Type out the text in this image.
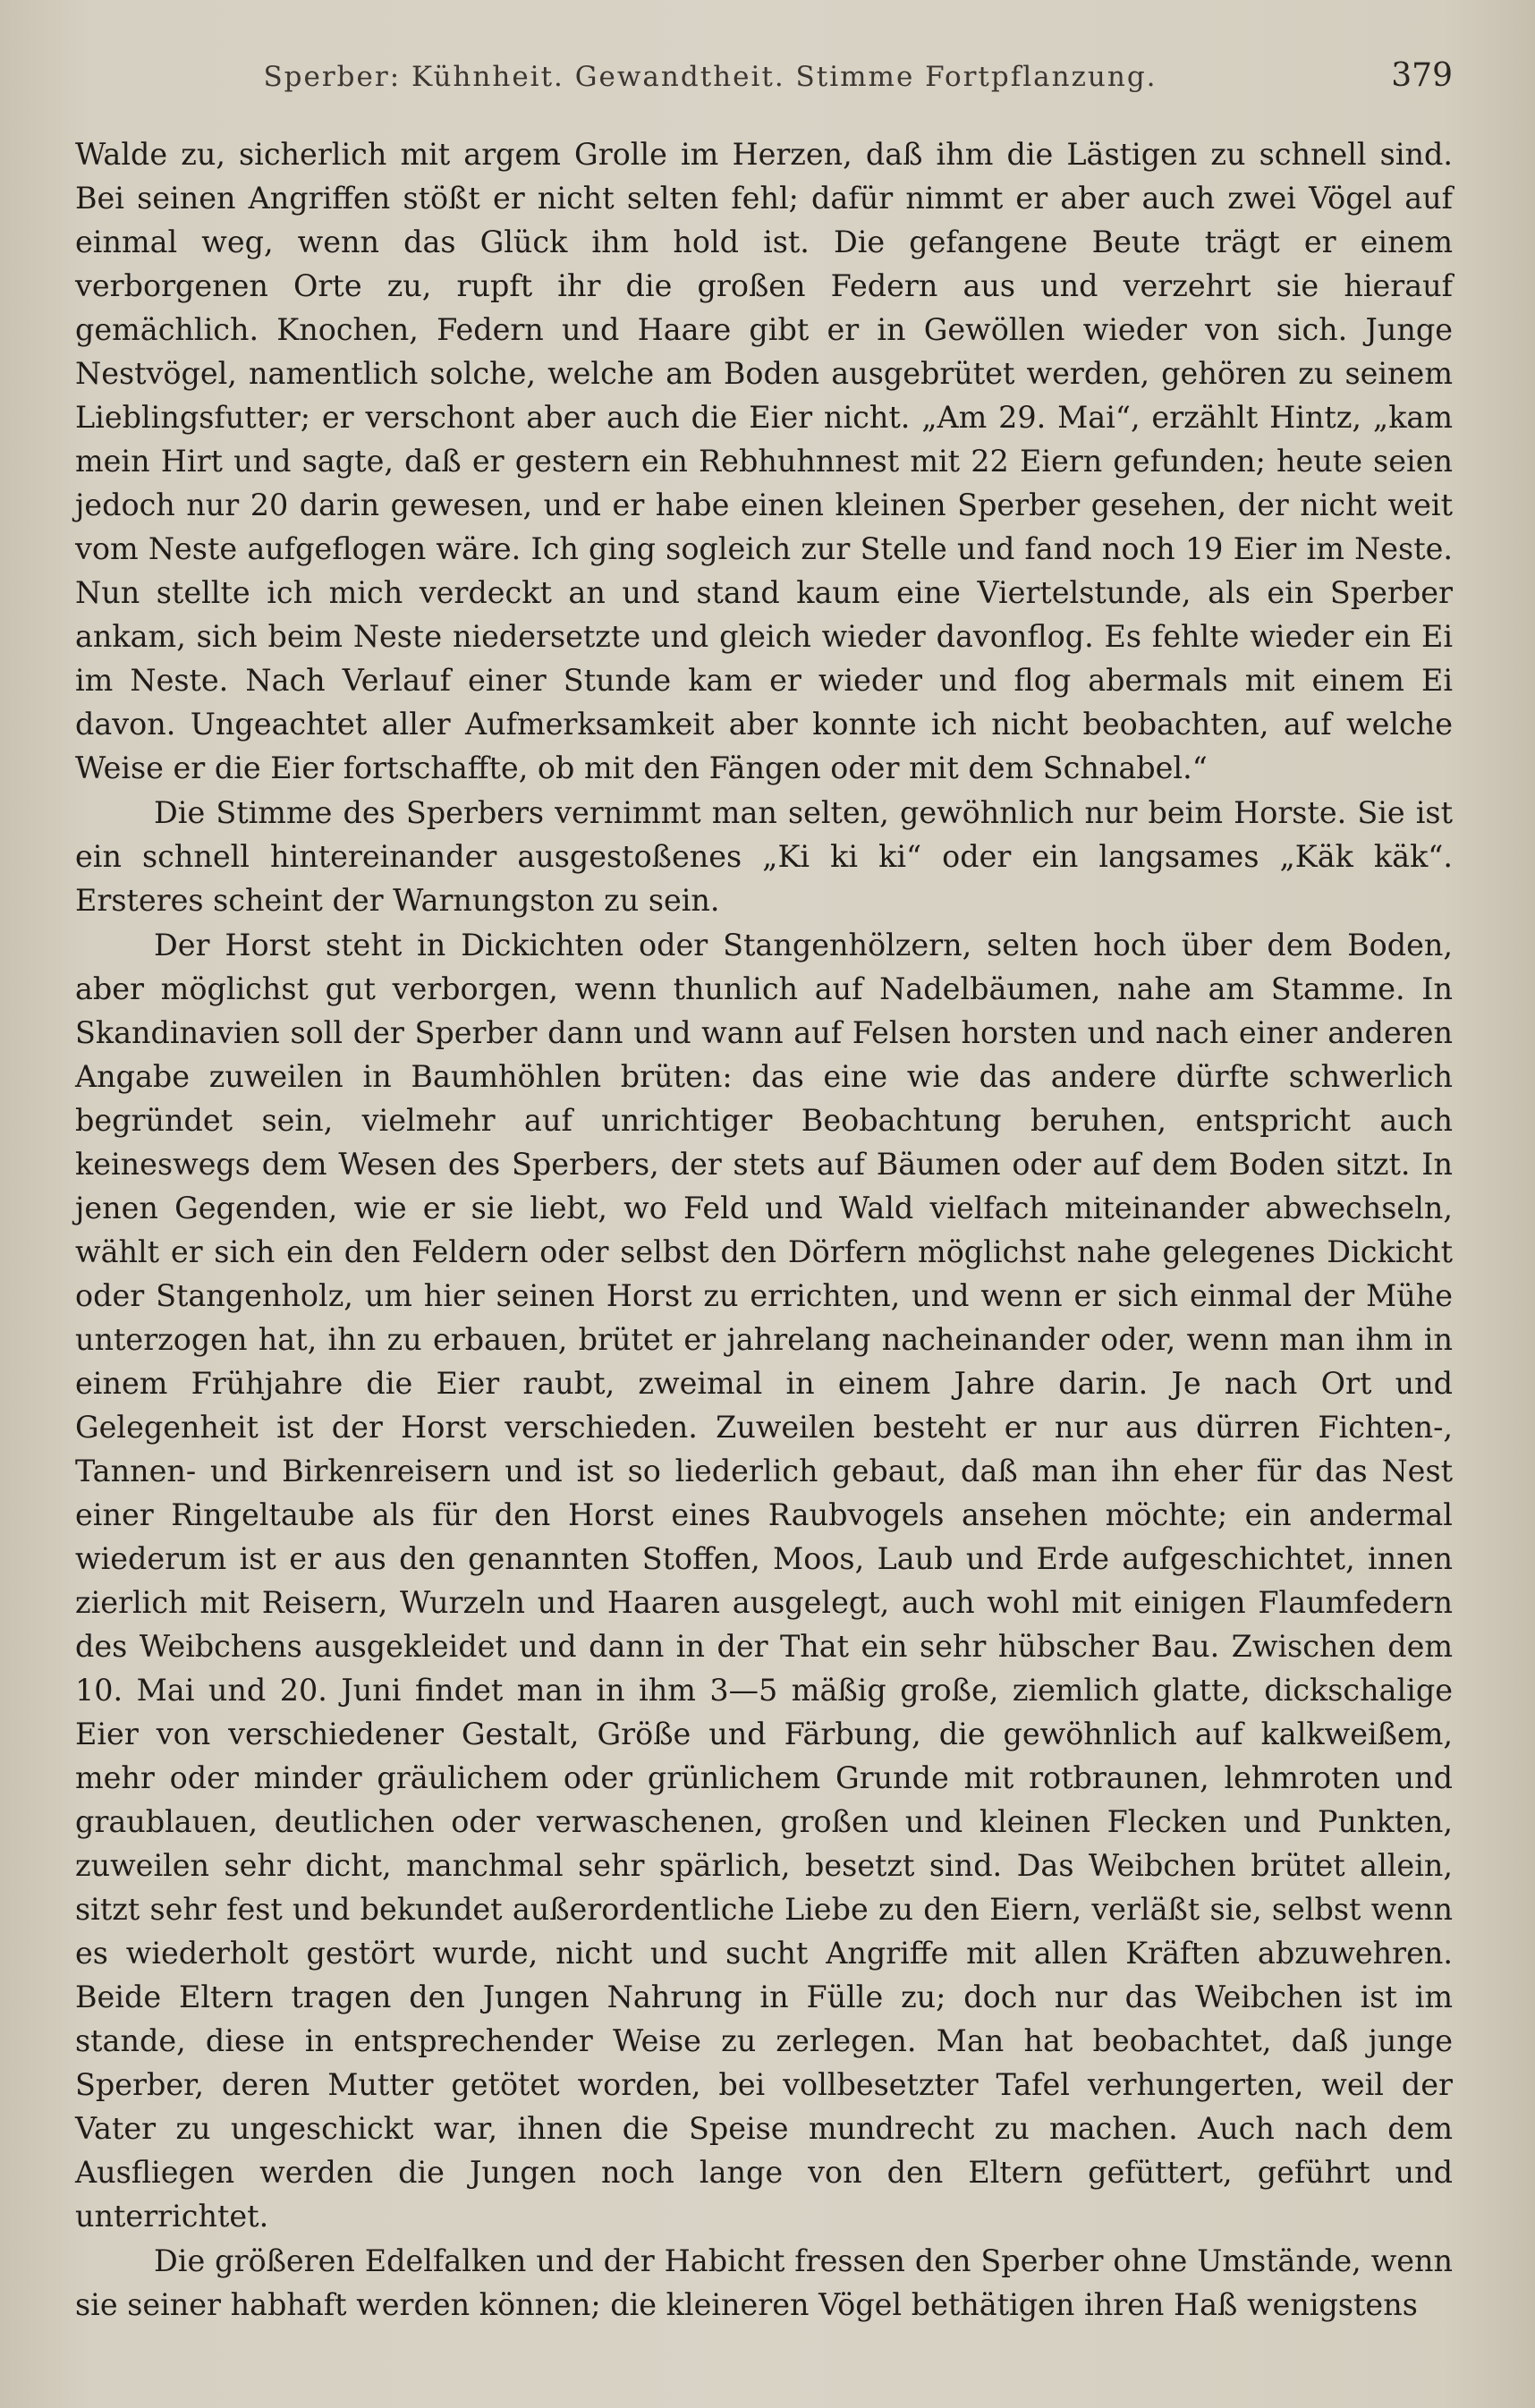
Sperber: Kühnheit. Gewandtheit. Stimme Fortpflanzung.	379

Walde zu, sicherlich mit argem Grolle im Herzen, daß ihm die Lästigen zu schnell sind. Bei seinen Angriffen stößt er nicht selten fehl; dafür nimmt er aber auch zwei Vögel auf einmal weg, wenn das Glück ihm hold ist. Die gefangene Beute trägt er einem verborgenen Orte zu, rupft ihr die großen Federn aus und verzehrt sie hierauf gemächlich. Knochen, Federn und Haare gibt er in Gewöllen wieder von sich. Junge Nestvögel, namentlich solche, welche am Boden ausgebrütet werden, gehören zu seinem Lieblingsfutter; er verschont aber auch die Eier nicht. „Am 29. Mai“, erzählt Hintz, „kam mein Hirt und sagte, daß er gestern ein Rebhuhnnest mit 22 Eiern gefunden; heute seien jedoch nur 20 darin gewesen, und er habe einen kleinen Sperber gesehen, der nicht weit vom Neste aufgeflogen wäre. Ich ging sogleich zur Stelle und fand noch 19 Eier im Neste. Nun stellte ich mich verdeckt an und stand kaum eine Viertelstunde, als ein Sperber ankam, sich beim Neste niedersetzte und gleich wieder davonflog. Es fehlte wieder ein Ei im Neste. Nach Verlauf einer Stunde kam er wieder und flog abermals mit einem Ei davon. Ungeachtet aller Aufmerksamkeit aber konnte ich nicht beobachten, auf welche Weise er die Eier fortschaffte, ob mit den Fängen oder mit dem Schnabel.“

Die Stimme des Sperbers vernimmt man selten, gewöhnlich nur beim Horste. Sie ist ein schnell hintereinander ausgestoßenes „Ki ki ki“ oder ein langsames „Käk käk“. Ersteres scheint der Warnungston zu sein.

Der Horst steht in Dickichten oder Stangenhölzern, selten hoch über dem Boden, aber möglichst gut verborgen, wenn thunlich auf Nadelbäumen, nahe am Stamme. In Skandinavien soll der Sperber dann und wann auf Felsen horsten und nach einer anderen Angabe zuweilen in Baumhöhlen brüten: das eine wie das andere dürfte schwerlich begründet sein, vielmehr auf unrichtiger Beobachtung beruhen, entspricht auch keineswegs dem Wesen des Sperbers, der stets auf Bäumen oder auf dem Boden sitzt. In jenen Gegenden, wie er sie liebt, wo Feld und Wald vielfach miteinander abwechseln, wählt er sich ein den Feldern oder selbst den Dörfern möglichst nahe gelegenes Dickicht oder Stangenholz, um hier seinen Horst zu errichten, und wenn er sich einmal der Mühe unterzogen hat, ihn zu erbauen, brütet er jahrelang nacheinander oder, wenn man ihm in einem Frühjahre die Eier raubt, zweimal in einem Jahre darin. Je nach Ort und Gelegenheit ist der Horst verschieden. Zuweilen besteht er nur aus dürren Fichten-, Tannen- und Birkenreisern und ist so liederlich gebaut, daß man ihn eher für das Nest einer Ringeltaube als für den Horst eines Raubvogels ansehen möchte; ein andermal wiederum ist er aus den genannten Stoffen, Moos, Laub und Erde aufgeschichtet, innen zierlich mit Reisern, Wurzeln und Haaren ausgelegt, auch wohl mit einigen Flaumfedern des Weibchens ausgekleidet und dann in der That ein sehr hübscher Bau. Zwischen dem 10. Mai und 20. Juni findet man in ihm 3—5 mäßig große, ziemlich glatte, dickschalige Eier von verschiedener Gestalt, Größe und Färbung, die gewöhnlich auf kalkweißem, mehr oder minder gräulichem oder grünlichem Grunde mit rotbraunen, lehmroten und graublauen, deutlichen oder verwaschenen, großen und kleinen Flecken und Punkten, zuweilen sehr dicht, manchmal sehr spärlich, besetzt sind. Das Weibchen brütet allein, sitzt sehr fest und bekundet außerordentliche Liebe zu den Eiern, verläßt sie, selbst wenn es wiederholt gestört wurde, nicht und sucht Angriffe mit allen Kräften abzuwehren. Beide Eltern tragen den Jungen Nahrung in Fülle zu; doch nur das Weibchen ist im stande, diese in entsprechender Weise zu zerlegen. Man hat beobachtet, daß junge Sperber, deren Mutter getötet worden, bei vollbesetzter Tafel verhungerten, weil der Vater zu ungeschickt war, ihnen die Speise mundrecht zu machen. Auch nach dem Ausfliegen werden die Jungen noch lange von den Eltern gefüttert, geführt und unterrichtet.

Die größeren Edelfalken und der Habicht fressen den Sperber ohne Umstände, wenn sie seiner habhaft werden können; die kleineren Vögel bethätigen ihren Haß wenigstens
